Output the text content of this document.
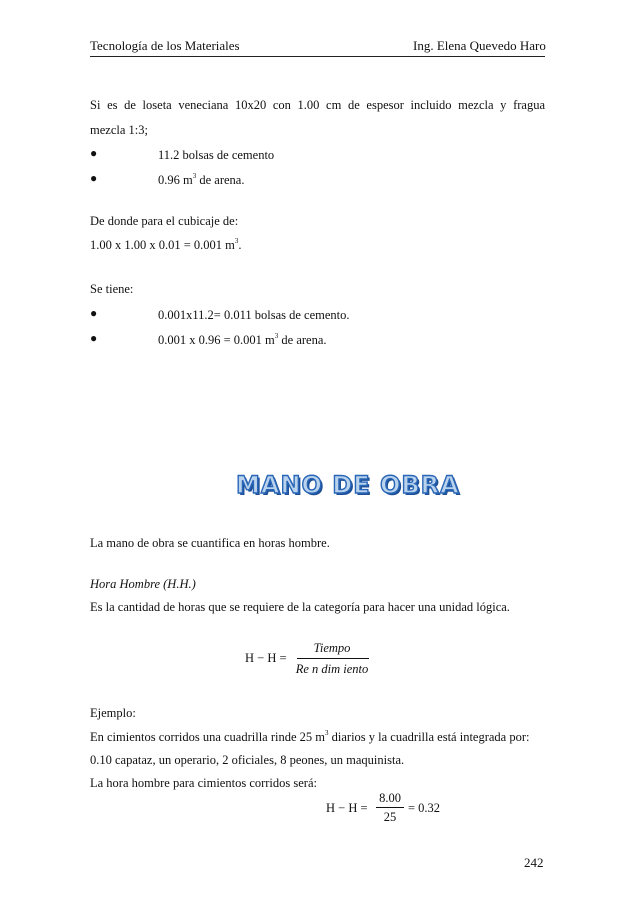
Tecnología de los Materiales	Ing. Elena Quevedo Haro
Si es de loseta veneciana 10x20 con 1.00 cm de espesor incluido mezcla y fragua
mezcla 1:3;
●	11.2 bolsas de cemento
●	0.96 $m^3$ de arena.
De donde para el cubicaje de:
1.00 x 1.00 x 0.01 = 0.001 $m^3$.
Se tiene:
●	0.001x11.2= 0.011 bolsas de cemento.
●	0.001 x 0.96 = 0.001 $m^3$ de arena.
MANO DE OBRA
La mano de obra se cuantifica en horas hombre.
Hora Hombre (H.H.)
Es la cantidad de horas que se requiere de la categoría para hacer una unidad lógica.
H − H =
Tiempo
Re n dim iento
Ejemplo:
En cimientos corridos una cuadrilla rinde 25 $m^3$ diarios y la cuadrilla está integrada por:
0.10 capataz, un operario, 2 oficiales, 8 peones, un maquinista.
La hora hombre para cimientos corridos será:
H − H =
8.00
25
= 0.32
242
